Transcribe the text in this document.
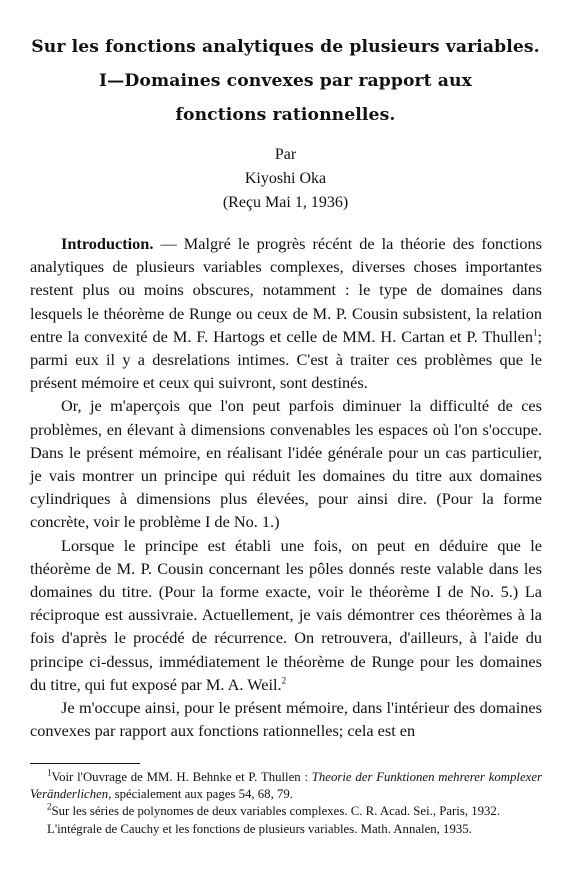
Sur les fonctions analytiques de plusieurs variables.
I—Domaines convexes par rapport aux
fonctions rationnelles.
Par
Kiyoshi Oka
(Reçu Mai 1, 1936)

Introduction. — Malgré le progrès récént de la théorie des fonctions analytiques de plusieurs variables complexes, diverses choses importantes restent plus ou moins obscures, notamment : le type de domaines dans lesquels le théorème de Runge ou ceux de M. P. Cousin subsistent, la relation entre la convexité de M. F. Hartogs et celle de MM. H. Cartan et P. Thullen$^1$; parmi eux il y a desrelations intimes. C'est à traiter ces problèmes que le présent mémoire et ceux qui suivront, sont destinés.

Or, je m'aperçois que l'on peut parfois diminuer la difficulté de ces problèmes, en élevant à dimensions convenables les espaces où l'on s'occupe. Dans le présent mémoire, en réalisant l'idée générale pour un cas particulier, je vais montrer un principe qui réduit les domaines du titre aux domaines cylindriques à dimensions plus élevées, pour ainsi dire. (Pour la forme concrète, voir le problème I de No. 1.)

Lorsque le principe est établi une fois, on peut en déduire que le théorème de M. P. Cousin concernant les pôles donnés reste valable dans les domaines du titre. (Pour la forme exacte, voir le théorème I de No. 5.) La réciproque est aussivraie. Actuellement, je vais démontrer ces théorèmes à la fois d'après le procédé de récurrence. On retrouvera, d'ailleurs, à l'aide du principe ci-dessus, immédiatement le théorème de Runge pour les domaines du titre, qui fut exposé par M. A. Weil.$^2$

Je m'occupe ainsi, pour le présent mémoire, dans l'intérieur des domaines convexes par rapport aux fonctions rationnelles; cela est en

$^1$Voir l'Ouvrage de MM. H. Behnke et P. Thullen : Theorie der Funktionen mehrerer komplexer Veränderlichen, spécialement aux pages 54, 68, 79.

$^2$Sur les séries de polynomes de deux variables complexes. C. R. Acad. Sei., Paris, 1932.

L'intégrale de Cauchy et les fonctions de plusieurs variables. Math. Annalen, 1935.
